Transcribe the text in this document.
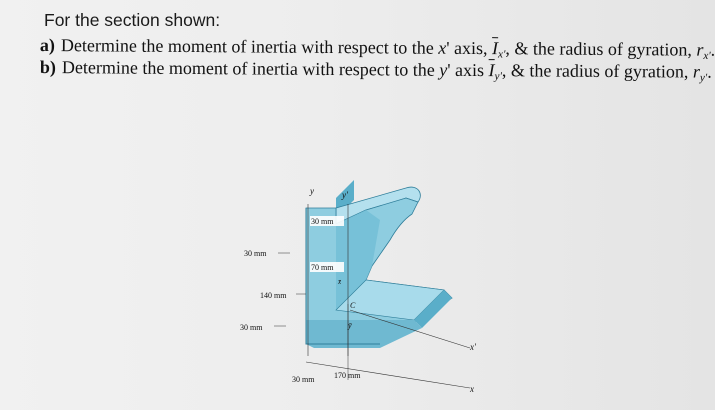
For the section shown:
a) Determine the moment of inertia with respect to the x' axis, $\overline{I}_{x'}$, & the radius of gyration, $r_{x'}$.
b) Determine the moment of inertia with respect to the y' axis $\overline{I}_{y'}$, & the radius of gyration, $r_{y'}$.
y	y'
x
x'
C
x̄
ȳ
30 mm
30 mm
70 mm
140 mm
30 mm
30 mm 170 mm
